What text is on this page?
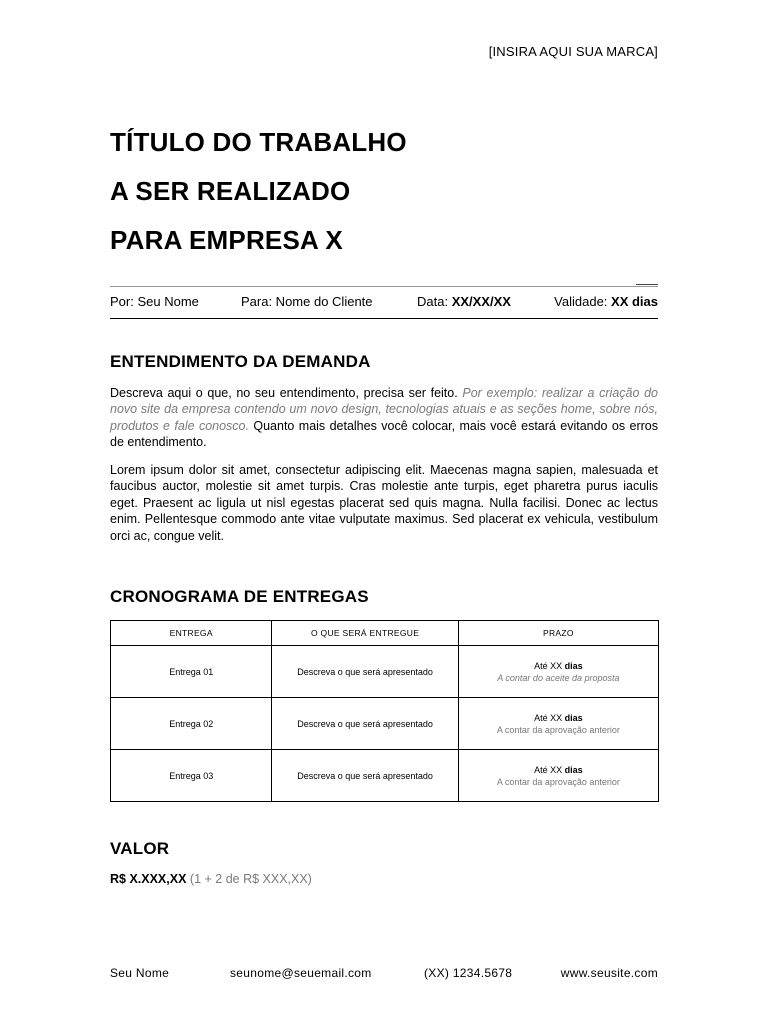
[INSIRA AQUI SUA MARCA]
TÍTULO DO TRABALHO
A SER REALIZADO
PARA EMPRESA X
Por: Seu Nome	Para: Nome do Cliente	Data: XX/XX/XX	Validade: XX dias
ENTENDIMENTO DA DEMANDA

Descreva aqui o que, no seu entendimento, precisa ser feito. Por exemplo: realizar a criação do novo site da empresa contendo um novo design, tecnologias atuais e as seções home, sobre nós, produtos e fale conosco. Quanto mais detalhes você colocar, mais você estará evitando os erros de entendimento.

Lorem ipsum dolor sit amet, consectetur adipiscing elit. Maecenas magna sapien, malesuada et faucibus auctor, molestie sit amet turpis. Cras molestie ante turpis, eget pharetra purus iaculis eget. Praesent ac ligula ut nisl egestas placerat sed quis magna. Nulla facilisi. Donec ac lectus enim. Pellentesque commodo ante vitae vulputate maximus. Sed placerat ex vehicula, vestibulum orci ac, congue velit.

CRONOGRAMA DE ENTREGAS
ENTREGA	O QUE SERÁ ENTREGUE	PRAZO
Entrega 01	Descreva o que será apresentado	Até XX dias
A contar do aceite da proposta

Entrega 02	Descreva o que será apresentado	Até XX dias
A contar da aprovação anterior

Entrega 03	Descreva o que será apresentado	Até XX dias
A contar da aprovação anterior
VALOR
R$ X.XXX,XX (1 + 2 de R$ XXX,XX)
Seu Nome	seunome@seuemail.com	(XX) 1234.5678	www.seusite.com
